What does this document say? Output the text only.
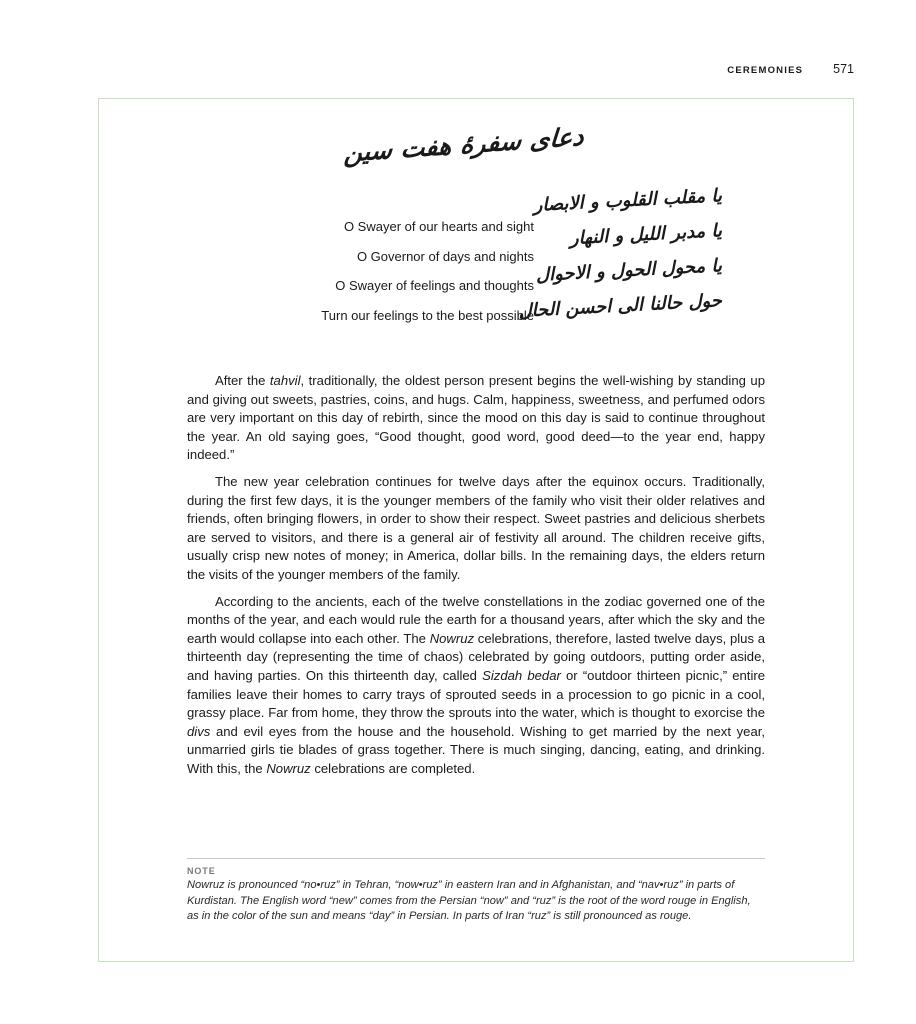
CEREMONIES 571
دعای سفرهٔ هفت سین
O Swayer of our hearts and sight
O Governor of days and nights
O Swayer of feelings and thoughts
Turn our feelings to the best possible
یا مقلب القلوب و الابصار
یا مدبر اللیل و النهار
یا محول الحول و الاحوال
حول حالنا الی احسن الحال

After the tahvil, traditionally, the oldest person present begins the well-wishing by standing up and giving out sweets, pastries, coins, and hugs. Calm, happiness, sweetness, and perfumed odors are very important on this day of rebirth, since the mood on this day is said to continue throughout the year. An old saying goes, “Good thought, good word, good deed—to the year end, happy indeed.”

The new year celebration continues for twelve days after the equinox occurs. Traditionally, during the first few days, it is the younger members of the family who visit their older relatives and friends, often bringing flowers, in order to show their respect. Sweet pastries and delicious sherbets are served to visitors, and there is a general air of festivity all around. The children receive gifts, usually crisp new notes of money; in America, dollar bills. In the remaining days, the elders return the visits of the younger members of the family.

According to the ancients, each of the twelve constellations in the zodiac governed one of the months of the year, and each would rule the earth for a thousand years, after which the sky and the earth would collapse into each other. The Nowruz celebrations, therefore, lasted twelve days, plus a thirteenth day (representing the time of chaos) celebrated by going outdoors, putting order aside, and having parties. On this thirteenth day, called Sizdah bedar or “outdoor thirteen picnic,” entire families leave their homes to carry trays of sprouted seeds in a procession to go picnic in a cool, grassy place. Far from home, they throw the sprouts into the water, which is thought to exorcise the divs and evil eyes from the house and the household. Wishing to get married by the next year, unmarried girls tie blades of grass together. There is much singing, dancing, eating, and drinking. With this, the Nowruz celebrations are completed.

NOTE
Nowruz is pronounced “no•ruz” in Tehran, “now•ruz” in eastern Iran and in Afghanistan, and “nav•ruz” in parts of Kurdistan. The English word “new” comes from the Persian “now” and “ruz” is the root of the word rouge in English, as in the color of the sun and means “day” in Persian. In parts of Iran “ruz” is still pronounced as rouge.
